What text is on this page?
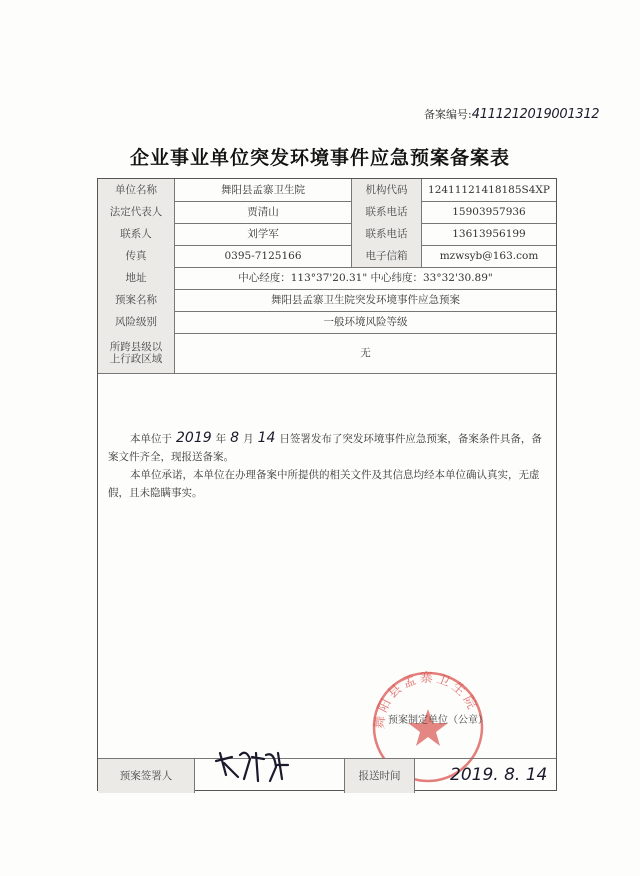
备案编号:4111212019001312
企业事业单位突发环境事件应急预案备案表
单位名称	舞阳县孟寨卫生院	机构代码	12411121418185S4XP
法定代表人	贾清山	联系电话	15903957936
联系人	刘学军	联系电话	13613956199
传真	0395-7125166	电子信箱	mzwsyb@163.com
地址	中心经度：113°37'20.31" 中心纬度：33°32'30.89"
预案名称	舞阳县孟寨卫生院突发环境事件应急预案
风险级别	一般环境风险等级
所跨县级以上行政区域	无

本单位于 2019 年 8 月 14 日签署发布了突发环境事件应急预案，备案条件具备，备案文件齐全，现报送备案。

本单位承诺，本单位在办理备案中所提供的相关文件及其信息均经本单位确认真实，无虚假，且未隐瞒事实。

舞阳县孟寨卫生院
预案制定单位（公章）
预案签署人	报送时间	2019. 8. 14
